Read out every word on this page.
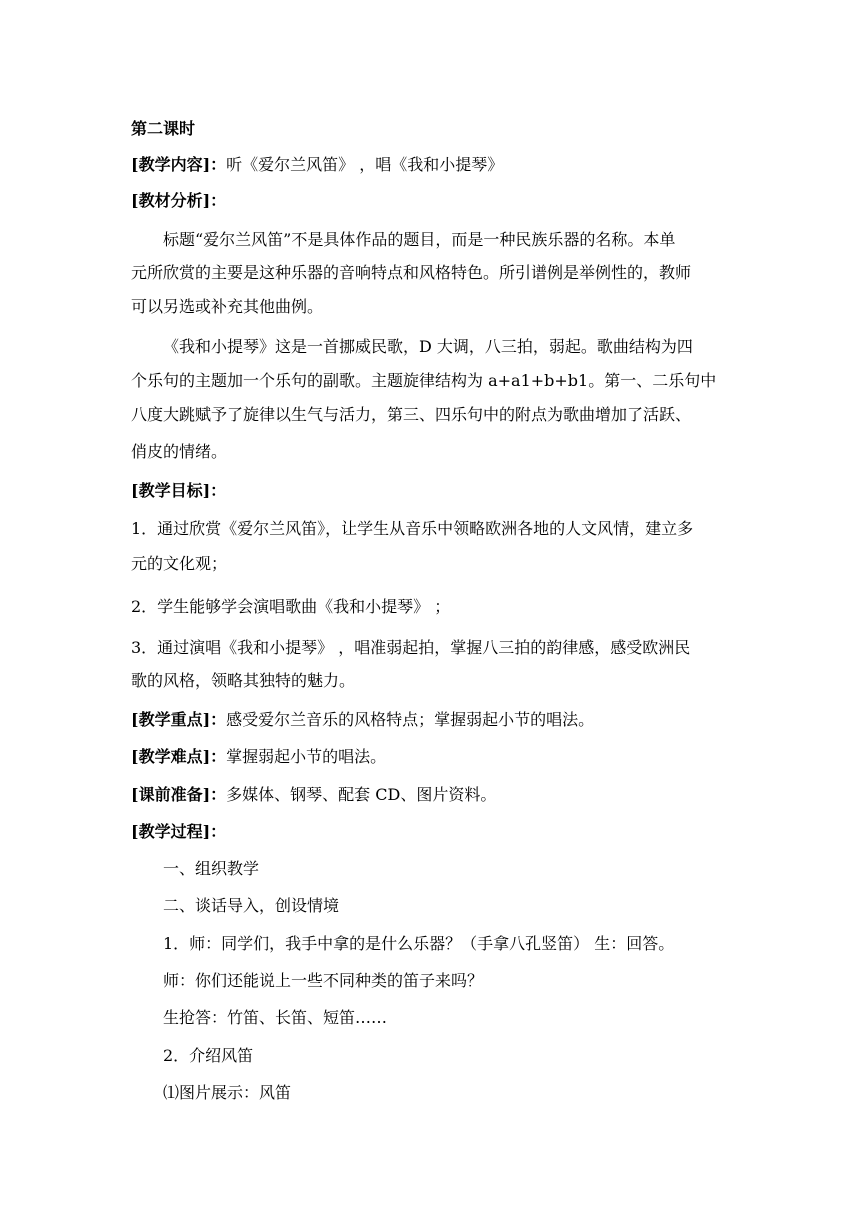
第二课时
[教学内容]：听《爱尔兰风笛》 ，唱《我和小提琴》
[教材分析]：
标题“爱尔兰风笛”不是具体作品的题目，而是一种民族乐器的名称。本单
元所欣赏的主要是这种乐器的音响特点和风格特色。所引谱例是举例性的，教师
可以另选或补充其他曲例。
《我和小提琴》这是一首挪威民歌，D 大调，八三拍，弱起。歌曲结构为四
个乐句的主题加一个乐句的副歌。主题旋律结构为 a+a1+b+b1。第一、二乐句中
八度大跳赋予了旋律以生气与活力，第三、四乐句中的附点为歌曲增加了活跃、
俏皮的情绪。
[教学目标]：
1．通过欣赏《爱尔兰风笛》，让学生从音乐中领略欧洲各地的人文风情，建立多
元的文化观；
2．学生能够学会演唱歌曲《我和小提琴》 ；
3．通过演唱《我和小提琴》 ，唱准弱起拍，掌握八三拍的韵律感，感受欧洲民
歌的风格，领略其独特的魅力。
[教学重点]：感受爱尔兰音乐的风格特点；掌握弱起小节的唱法。
[教学难点]：掌握弱起小节的唱法。
[课前准备]：多媒体、钢琴、配套 CD、图片资料。
[教学过程]：
一、组织教学
二、谈话导入，创设情境
1．师：同学们，我手中拿的是什么乐器？（手拿八孔竖笛） 生：回答。
师：你们还能说上一些不同种类的笛子来吗？
生抢答：竹笛、长笛、短笛……
2．介绍风笛
⑴图片展示：风笛
